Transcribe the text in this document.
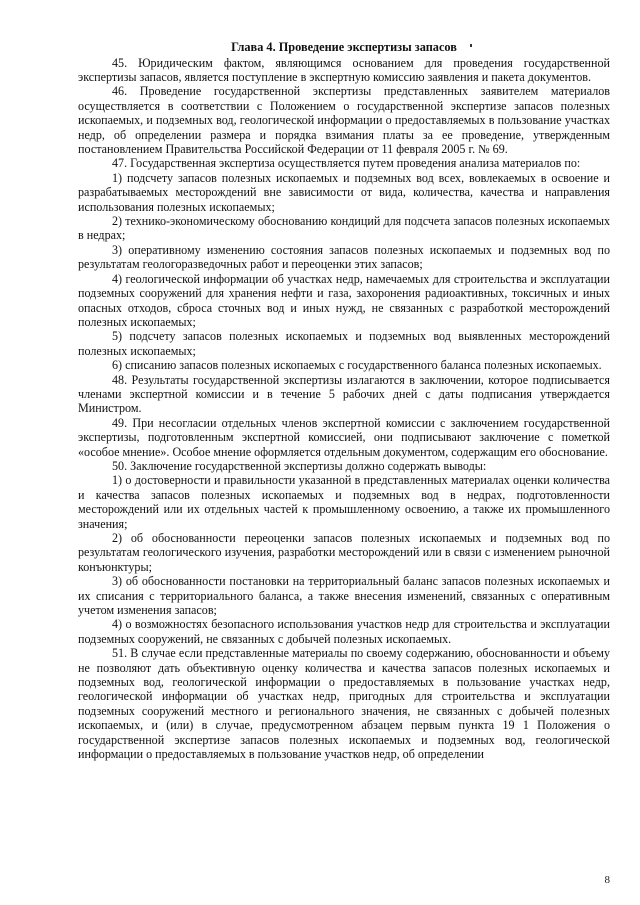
Глава 4. Проведение экспертизы запасов

45. Юридическим фактом, являющимся основанием для проведения государственной экспертизы запасов, является поступление в экспертную комиссию заявления и пакета документов.

46. Проведение государственной экспертизы представленных заявителем материалов осуществляется в соответствии с Положением о государственной экспертизе запасов полезных ископаемых, и подземных вод, геологической информации о предоставляемых в пользование участках недр, об определении размера и порядка взимания платы за ее проведение, утвержденным постановлением Правительства Российской Федерации от 11 февраля 2005 г. № 69.

47. Государственная экспертиза осуществляется путем проведения анализа материалов по:

1) подсчету запасов полезных ископаемых и подземных вод всех, вовлекаемых в освоение и разрабатываемых месторождений вне зависимости от вида, количества, качества и направления использования полезных ископаемых;

2) технико-экономическому обоснованию кондиций для подсчета запасов полезных ископаемых в недрах;

3) оперативному изменению состояния запасов полезных ископаемых и подземных вод по результатам геологоразведочных работ и переоценки этих запасов;

4) геологической информации об участках недр, намечаемых для строительства и эксплуатации подземных сооружений для хранения нефти и газа, захоронения радиоактивных, токсичных и иных опасных отходов, сброса сточных вод и иных нужд, не связанных с разработкой месторождений полезных ископаемых;

5) подсчету запасов полезных ископаемых и подземных вод выявленных месторождений полезных ископаемых;

6) списанию запасов полезных ископаемых с государственного баланса полезных ископаемых.

48. Результаты государственной экспертизы излагаются в заключении, которое подписывается членами экспертной комиссии и в течение 5 рабочих дней с даты подписания утверждается Министром.

49. При несогласии отдельных членов экспертной комиссии с заключением государственной экспертизы, подготовленным экспертной комиссией, они подписывают заключение с пометкой «особое мнение». Особое мнение оформляется отдельным документом, содержащим его обоснование.

50. Заключение государственной экспертизы должно содержать выводы:

1) о достоверности и правильности указанной в представленных материалах оценки количества и качества запасов полезных ископаемых и подземных вод в недрах, подготовленности месторождений или их отдельных частей к промышленному освоению, а также их промышленного значения;

2) об обоснованности переоценки запасов полезных ископаемых и подземных вод по результатам геологического изучения, разработки месторождений или в связи с изменением рыночной конъюнктуры;

3) об обоснованности постановки на территориальный баланс запасов полезных ископаемых и их списания с территориального баланса, а также внесения изменений, связанных с оперативным учетом изменения запасов;

4) о возможностях безопасного использования участков недр для строительства и эксплуатации подземных сооружений, не связанных с добычей полезных ископаемых.

51. В случае если представленные материалы по своему содержанию, обоснованности и объему не позволяют дать объективную оценку количества и качества запасов полезных ископаемых и подземных вод, геологической информации о предоставляемых в пользование участках недр, геологической информации об участках недр, пригодных для строительства и эксплуатации подземных сооружений местного и регионального значения, не связанных с добычей полезных ископаемых, и (или) в случае, предусмотренном абзацем первым пункта 19 1 Положения о государственной экспертизе запасов полезных ископаемых и подземных вод, геологической информации о предоставляемых в пользование участков недр, об определении

8
